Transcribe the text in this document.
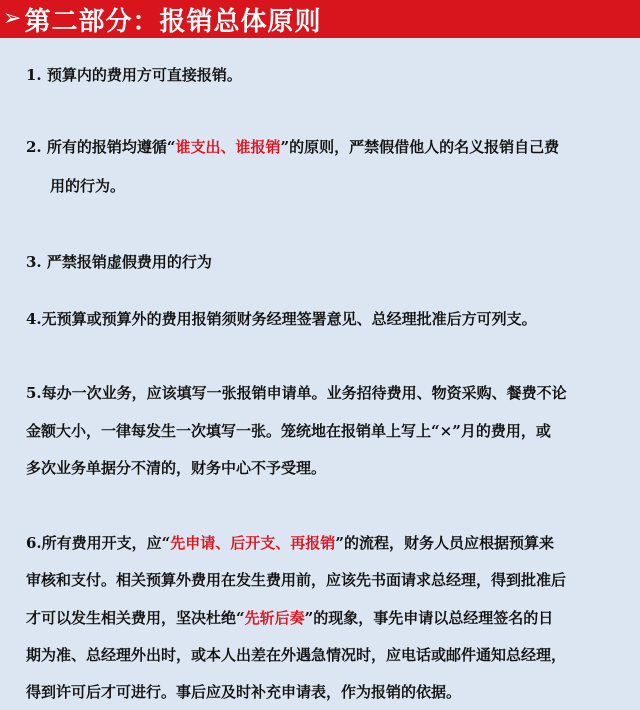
➢ 第二部分：报销总体原则
1. 预算内的费用方可直接报销。
2. 所有的报销均遵循“谁支出、谁报销”的原则，严禁假借他人的名义报销自己费
用的行为。
3. 严禁报销虚假费用的行为
4.无预算或预算外的费用报销须财务经理签署意见、总经理批准后方可列支。
5.每办一次业务，应该填写一张报销申请单。业务招待费用、物资采购、餐费不论
金额大小，一律每发生一次填写一张。笼统地在报销单上写上“×”月的费用，或
多次业务单据分不清的，财务中心不予受理。
6.所有费用开支，应“先申请、后开支、再报销”的流程，财务人员应根据预算来
审核和支付。相关预算外费用在发生费用前，应该先书面请求总经理，得到批准后
才可以发生相关费用，坚决杜绝“先斩后奏”的现象，事先申请以总经理签名的日
期为准、总经理外出时，或本人出差在外遇急情况时，应电话或邮件通知总经理，
得到许可后才可进行。事后应及时补充申请表，作为报销的依据。
